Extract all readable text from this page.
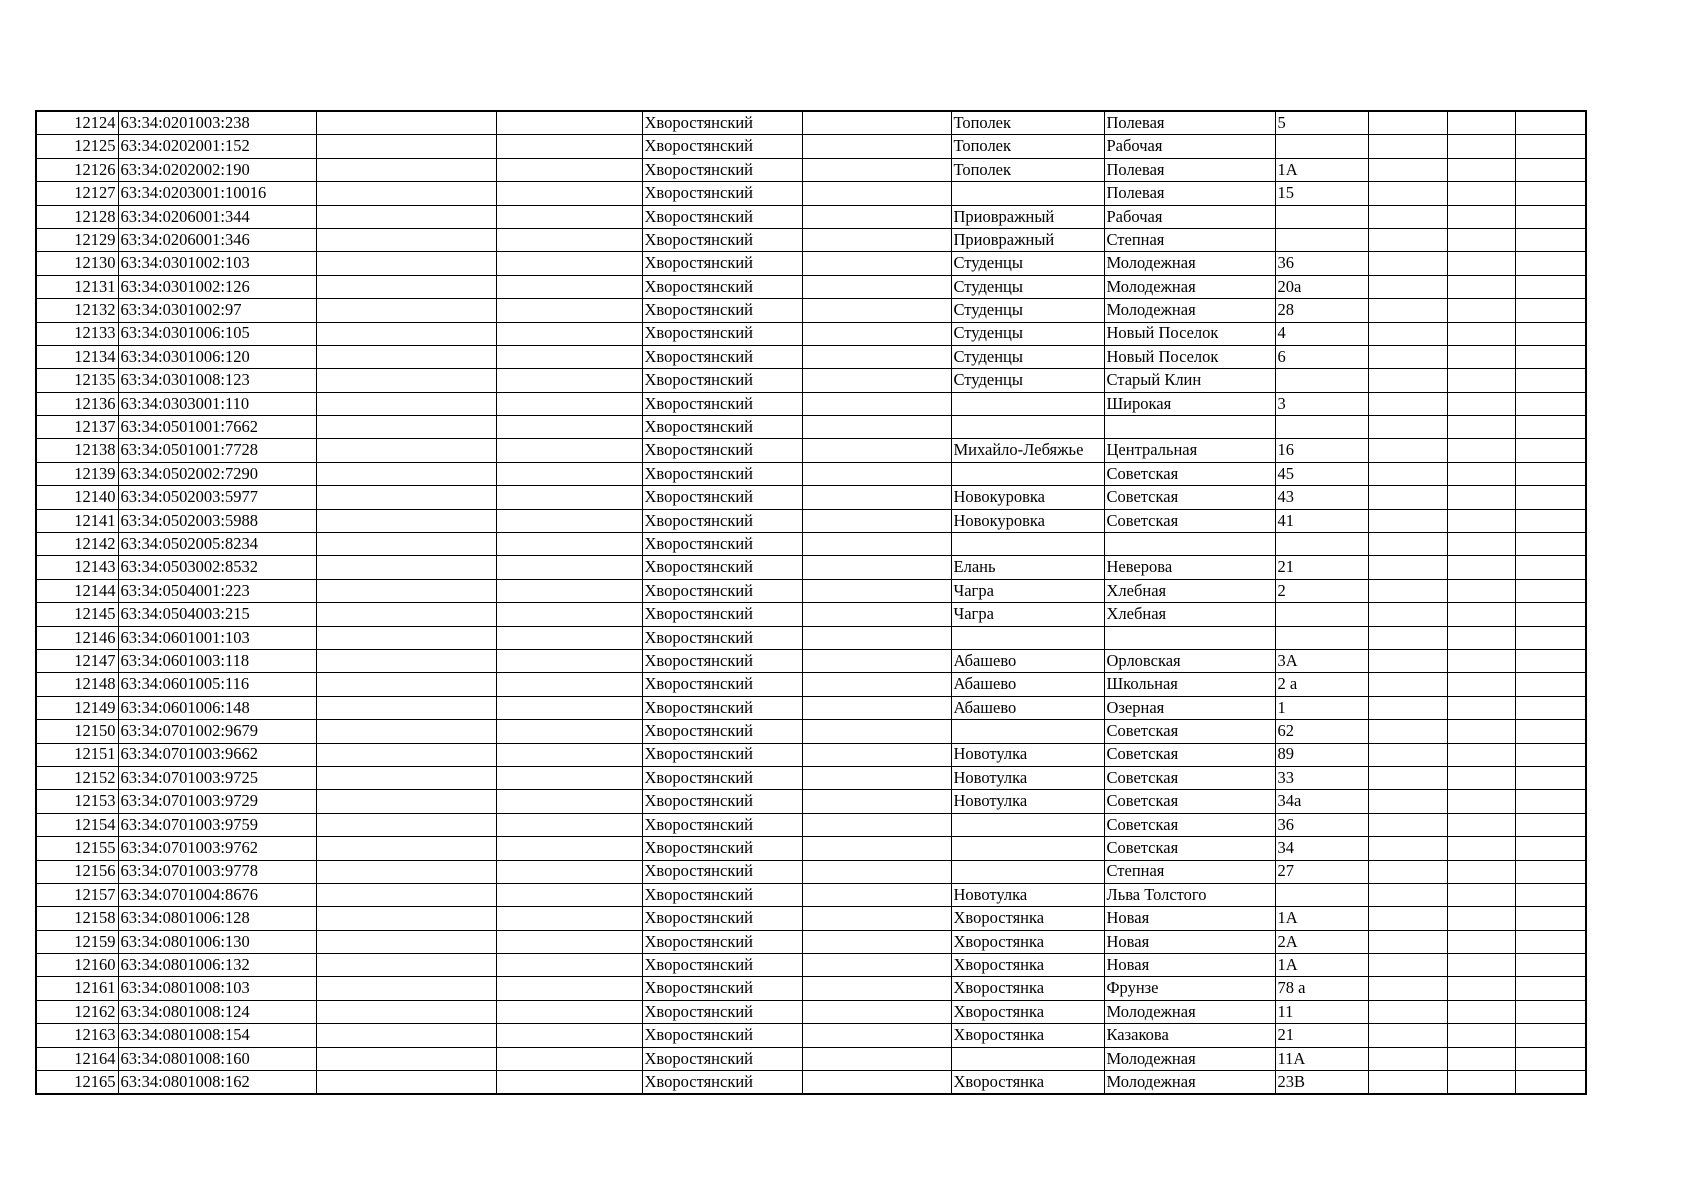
12124	63:34:0201003:238			Хворостянский		Тополек	Полевая	5			
12125	63:34:0202001:152			Хворостянский		Тополек	Рабочая				
12126	63:34:0202002:190			Хворостянский		Тополек	Полевая	1А			
12127	63:34:0203001:10016			Хворостянский			Полевая	15			
12128	63:34:0206001:344			Хворостянский		Приовражный	Рабочая				
12129	63:34:0206001:346			Хворостянский		Приовражный	Степная				
12130	63:34:0301002:103			Хворостянский		Студенцы	Молодежная	36			
12131	63:34:0301002:126			Хворостянский		Студенцы	Молодежная	20а			
12132	63:34:0301002:97			Хворостянский		Студенцы	Молодежная	28			
12133	63:34:0301006:105			Хворостянский		Студенцы	Новый Поселок	4			
12134	63:34:0301006:120			Хворостянский		Студенцы	Новый Поселок	6			
12135	63:34:0301008:123			Хворостянский		Студенцы	Старый Клин				
12136	63:34:0303001:110			Хворостянский			Широкая	3			
12137	63:34:0501001:7662			Хворостянский							
12138	63:34:0501001:7728			Хворостянский		Михайло-Лебяжье	Центральная	16			
12139	63:34:0502002:7290			Хворостянский			Советская	45			
12140	63:34:0502003:5977			Хворостянский		Новокуровка	Советская	43			
12141	63:34:0502003:5988			Хворостянский		Новокуровка	Советская	41			
12142	63:34:0502005:8234			Хворостянский							
12143	63:34:0503002:8532			Хворостянский		Елань	Неверова	21			
12144	63:34:0504001:223			Хворостянский		Чагра	Хлебная	2			
12145	63:34:0504003:215			Хворостянский		Чагра	Хлебная				
12146	63:34:0601001:103			Хворостянский							
12147	63:34:0601003:118			Хворостянский		Абашево	Орловская	3А			
12148	63:34:0601005:116			Хворостянский		Абашево	Школьная	2 а			
12149	63:34:0601006:148			Хворостянский		Абашево	Озерная	1			
12150	63:34:0701002:9679			Хворостянский			Советская	62			
12151	63:34:0701003:9662			Хворостянский		Новотулка	Советская	89			
12152	63:34:0701003:9725			Хворостянский		Новотулка	Советская	33			
12153	63:34:0701003:9729			Хворостянский		Новотулка	Советская	34а			
12154	63:34:0701003:9759			Хворостянский			Советская	36			
12155	63:34:0701003:9762			Хворостянский			Советская	34			
12156	63:34:0701003:9778			Хворостянский			Степная	27			
12157	63:34:0701004:8676			Хворостянский		Новотулка	Льва Толстого				
12158	63:34:0801006:128			Хворостянский		Хворостянка	Новая	1А			
12159	63:34:0801006:130			Хворостянский		Хворостянка	Новая	2А			
12160	63:34:0801006:132			Хворостянский		Хворостянка	Новая	1А			
12161	63:34:0801008:103			Хворостянский		Хворостянка	Фрунзе	78 а			
12162	63:34:0801008:124			Хворостянский		Хворостянка	Молодежная	11			
12163	63:34:0801008:154			Хворостянский		Хворостянка	Казакова	21			
12164	63:34:0801008:160			Хворостянский			Молодежная	11А			
12165	63:34:0801008:162			Хворостянский		Хворостянка	Молодежная	23В			
